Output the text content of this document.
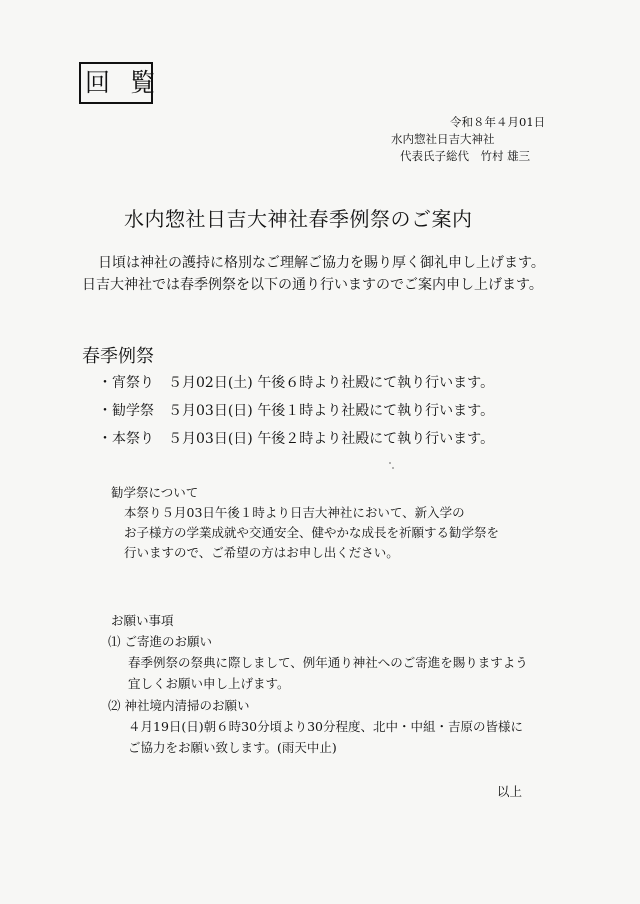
回 覧
令和８年４月01日
水内惣社日吉大神社
代表氏子総代　竹村 雄三
水内惣社日吉大神社春季例祭のご案内
日頃は神社の護持に格別なご理解ご協力を賜り厚く御礼申し上げます。
日吉大神社では春季例祭を以下の通り行いますのでご案内申し上げます。
春季例祭
・宵祭り　５月02日(土) 午後６時より社殿にて執り行います。
・勧学祭　５月03日(日) 午後１時より社殿にて執り行います。
・本祭り　５月03日(日) 午後２時より社殿にて執り行います。
勧学祭について
本祭り５月03日午後１時より日吉大神社において、新入学の
お子様方の学業成就や交通安全、健やかな成長を祈願する勧学祭を
行いますので、ご希望の方はお申し出ください。
お願い事項
⑴ ご寄進のお願い
春季例祭の祭典に際しまして、例年通り神社へのご寄進を賜りますよう
宜しくお願い申し上げます。
⑵ 神社境内清掃のお願い
４月19日(日)朝６時30分頃より30分程度、北中・中組・吉原の皆様に
ご協力をお願い致します。(雨天中止)
以上
